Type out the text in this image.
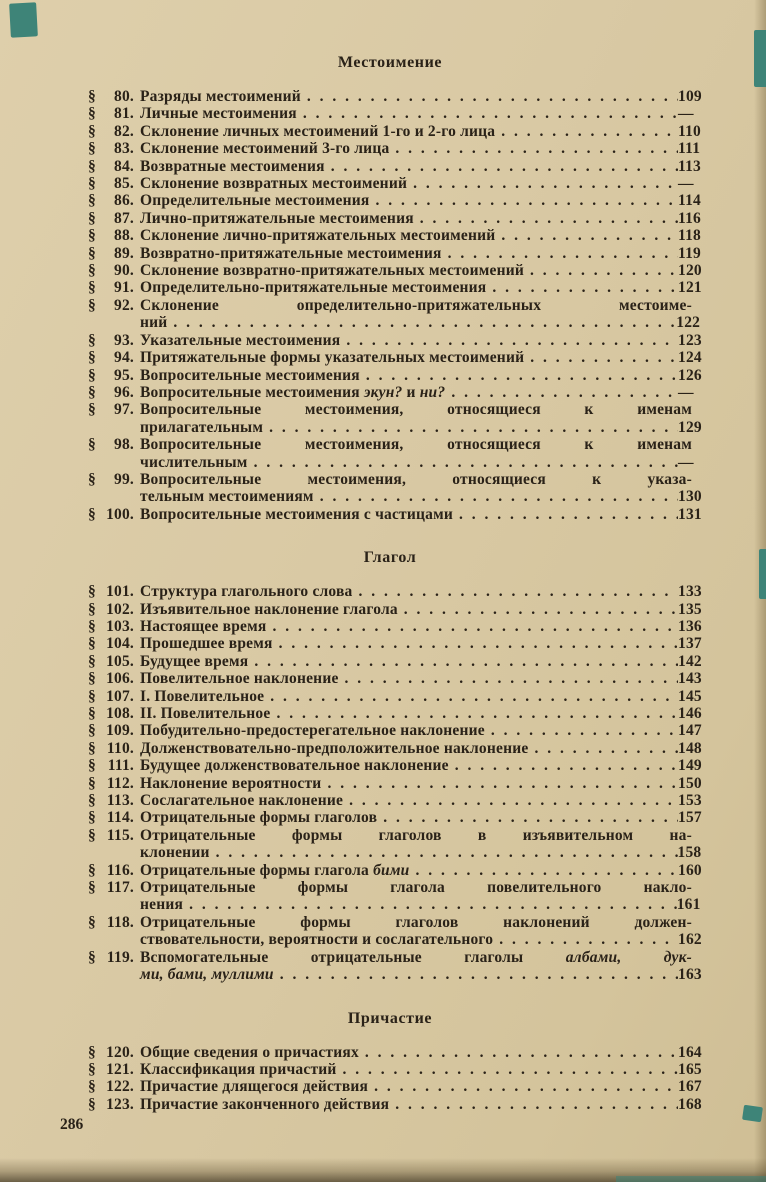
Местоимение
§ 80. Разряды местоимений . . .	109
§ 81. Личные местоимения . . .	—
§ 82. Склонение личных местоимений 1-го и 2-го лица . . .	110
§ 83. Склонение местоимений 3-го лица . . .	111
§ 84. Возвратные местоимения . . .	113
§ 85. Склонение возвратных местоимений . . .	—
§ 86. Определительные местоимения . . .	114
§ 87. Лично-притяжательные местоимения . . .	116
§ 88. Склонение лично-притяжательных местоимений . . .	118
§ 89. Возвратно-притяжательные местоимения . . .	119
§ 90. Склонение возвратно-притяжательных местоимений . . .	120
§ 91. Определительно-притяжательные местоимения . . .	121
§ 92. Склонение определительно-притяжательных местоиме-
ний . . .	122
§ 93. Указательные местоимения . . .	123
§ 94. Притяжательные формы указательных местоимений . . .	124
§ 95. Вопросительные местоимения . . .	126
§ 96. Вопросительные местоимения экун? и ни? . . .	—
§ 97. Вопросительные местоимения, относящиеся к именам
прилагательным . . .	129
§ 98. Вопросительные местоимения, относящиеся к именам
числительным . . .	—
§ 99. Вопросительные местоимения, относящиеся к указа-
тельным местоимениям . . .	130
§ 100. Вопросительные местоимения с частицами . . .	131
Глагол
§ 101. Структура глагольного слова . . .	133
§ 102. Изъявительное наклонение глагола . . .	135
§ 103. Настоящее время . . .	136
§ 104. Прошедшее время . . .	137
§ 105. Будущее время . . .	142
§ 106. Повелительное наклонение . . .	143
§ 107. I. Повелительное . . .	145
§ 108. II. Повелительное . . .	146
§ 109. Побудительно-предостерегательное наклонение . . .	147
§ 110. Долженствовательно-предположительное наклонение . . .	148
§ 111. Будущее долженствовательное наклонение . . .	149
§ 112. Наклонение вероятности . . .	150
§ 113. Сослагательное наклонение . . .	153
§ 114. Отрицательные формы глаголов . . .	157
§ 115. Отрицательные формы глаголов в изъявительном на-
клонении . . .	158
§ 116. Отрицательные формы глагола бими . . .	160
§ 117. Отрицательные формы глагола повелительного накло-
нения . . .	161
§ 118. Отрицательные формы глаголов наклонений должен-
ствовательности, вероятности и сослагательного . . .	162
§ 119. Вспомогательные отрицательные глаголы албами, дук-
ми, бами, муллими . . .	163
Причастие
§ 120. Общие сведения о причастиях . . .	164
§ 121. Классификация причастий . . .	165
§ 122. Причастие длящегося действия . . .	167
§ 123. Причастие законченного действия . . .	168
286
